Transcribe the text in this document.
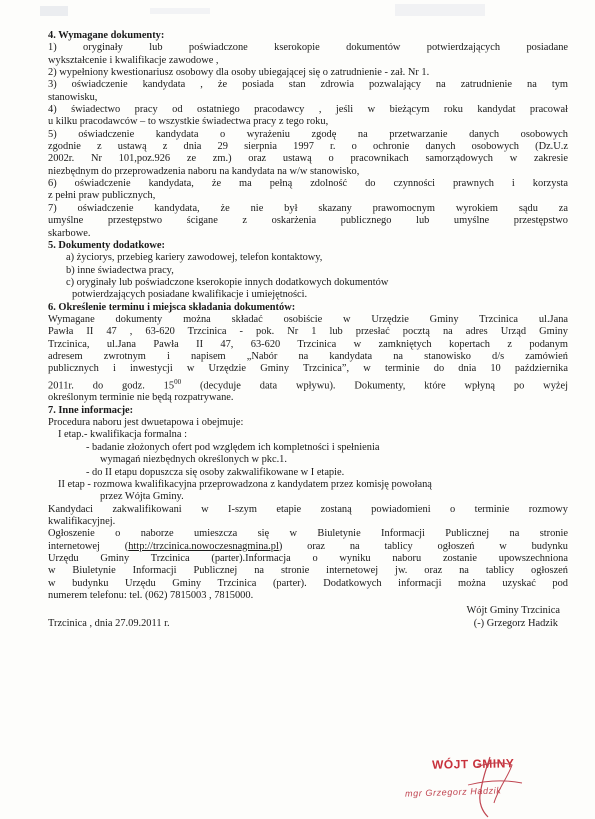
4. Wymagane dokumenty:

1) oryginały lub poświadczone kserokopie dokumentów potwierdzających posiadane

wykształcenie i kwalifikacje zawodowe ,

2) wypełniony kwestionariusz osobowy dla osoby ubiegającej się o zatrudnienie - zał. Nr 1.

3) oświadczenie kandydata , że posiada stan zdrowia pozwalający na zatrudnienie na tym

stanowisku,

4) świadectwo pracy od ostatniego pracodawcy , jeśli w bieżącym roku kandydat pracował

u kilku pracodawców – to wszystkie świadectwa pracy z tego roku,

5) oświadczenie kandydata o wyrażeniu zgodę na przetwarzanie danych osobowych

zgodnie z ustawą z dnia 29 sierpnia 1997 r. o ochronie danych osobowych (Dz.U.z

2002r. Nr 101,poz.926 ze zm.) oraz ustawą o pracownikach samorządowych w zakresie

niezbędnym do przeprowadzenia naboru na kandydata na w/w stanowisko,

6) oświadczenie kandydata, że ma pełną zdolność do czynności prawnych i korzysta

z pełni praw publicznych,

7) oświadczenie kandydata, że nie był skazany prawomocnym wyrokiem sądu za

umyślne przestępstwo ścigane z oskarżenia publicznego lub umyślne przestępstwo

skarbowe.

5. Dokumenty dodatkowe:

a) życiorys, przebieg kariery zawodowej, telefon kontaktowy,

b) inne świadectwa pracy,

c) oryginały lub poświadczone kserokopie innych dodatkowych dokumentów

potwierdzających posiadane kwalifikacje i umiejętności.

6. Określenie terminu i miejsca składania dokumentów:

Wymagane dokumenty można składać osobiście w Urzędzie Gminy Trzcinica ul.Jana

Pawła II 47 , 63-620 Trzcinica - pok. Nr 1 lub przesłać pocztą na adres Urząd Gminy

Trzcinica, ul.Jana Pawła II 47, 63-620 Trzcinica w zamkniętych kopertach z podanym

adresem zwrotnym i napisem „Nabór na kandydata na stanowisko d/s zamówień

publicznych i inwestycji w Urzędzie Gminy Trzcinica”, w terminie do dnia 10 października

2011r. do godz. $15^{00}$ (decyduje data wpływu). Dokumenty, które wpłyną po wyżej

określonym terminie nie będą rozpatrywane.

7. Inne informacje:

Procedura naboru jest dwuetapowa i obejmuje:

I etap.- kwalifikacja formalna :

- badanie złożonych ofert pod względem ich kompletności i spełnienia

wymagań niezbędnych określonych w pkc.1.

- do II etapu dopuszcza się osoby zakwalifikowane w I etapie.

II etap - rozmowa kwalifikacyjna przeprowadzona z kandydatem przez komisję powołaną

przez Wójta Gminy.

Kandydaci zakwalifikowani w I-szym etapie zostaną powiadomieni o terminie rozmowy

kwalifikacyjnej.

Ogłoszenie o naborze umieszcza się w Biuletynie Informacji Publicznej na stronie

internetowej (http://trzcinica.nowoczesnagmina.pl) oraz na tablicy ogłoszeń w budynku

Urzędu Gminy Trzcinica (parter).Informacja o wyniku naboru zostanie upowszechniona

w Biuletynie Informacji Publicznej na stronie internetowej jw. oraz na tablicy ogłoszeń

w budynku Urzędu Gminy Trzcinica (parter). Dodatkowych informacji można uzyskać pod

numerem telefonu: tel. (062) 7815003 , 7815000.

Wójt Gminy Trzcinica

Trzcinica , dnia 27.09.2011 r.	(-) Grzegorz Hadzik
WÓJT GMINY
mgr Grzegorz Hadzik
